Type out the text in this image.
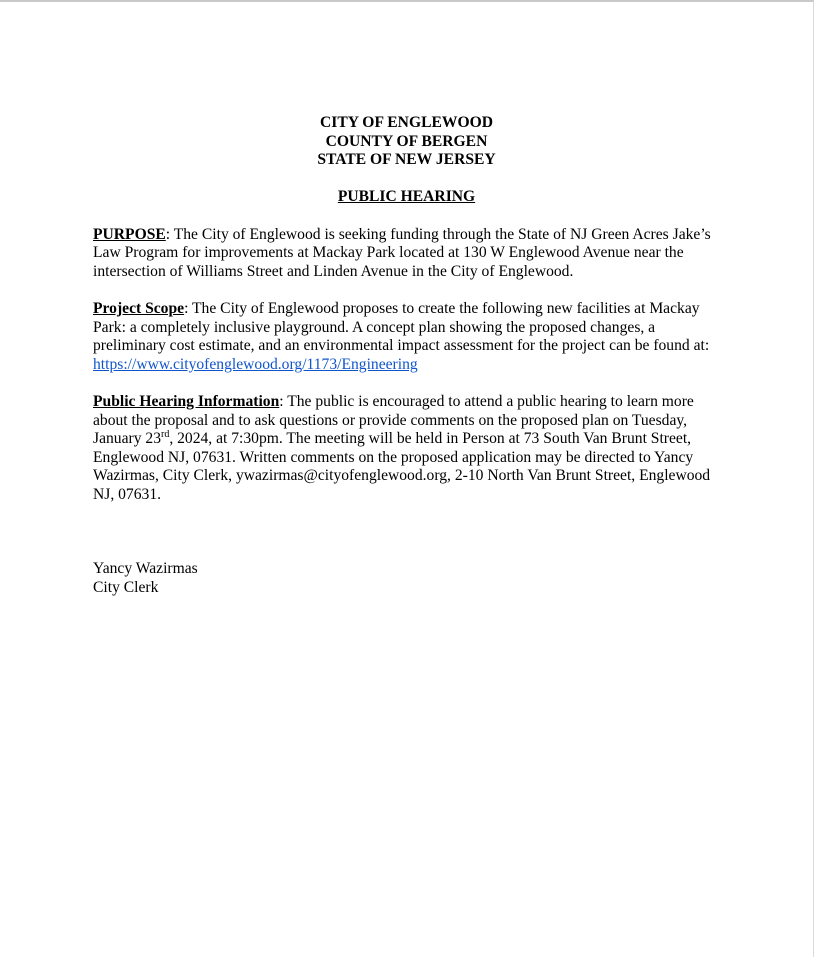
CITY OF ENGLEWOOD

COUNTY OF BERGEN

STATE OF NEW JERSEY

PUBLIC HEARING

PURPOSE: The City of Englewood is seeking funding through the State of NJ Green Acres Jake’s Law Program for improvements at Mackay Park located at 130 W Englewood Avenue near the intersection of Williams Street and Linden Avenue in the City of Englewood.

Project Scope: The City of Englewood proposes to create the following new facilities at Mackay Park: a completely inclusive playground. A concept plan showing the proposed changes, a preliminary cost estimate, and an environmental impact assessment for the project can be found at: https://www.cityofenglewood.org/1173/Engineering

Public Hearing Information: The public is encouraged to attend a public hearing to learn more about the proposal and to ask questions or provide comments on the proposed plan on Tuesday, January 23rd, 2024, at 7:30pm. The meeting will be held in Person at 73 South Van Brunt Street, Englewood NJ, 07631. Written comments on the proposed application may be directed to Yancy Wazirmas, City Clerk, ywazirmas@cityofenglewood.org, 2-10 North Van Brunt Street, Englewood NJ, 07631.

Yancy Wazirmas

City Clerk
